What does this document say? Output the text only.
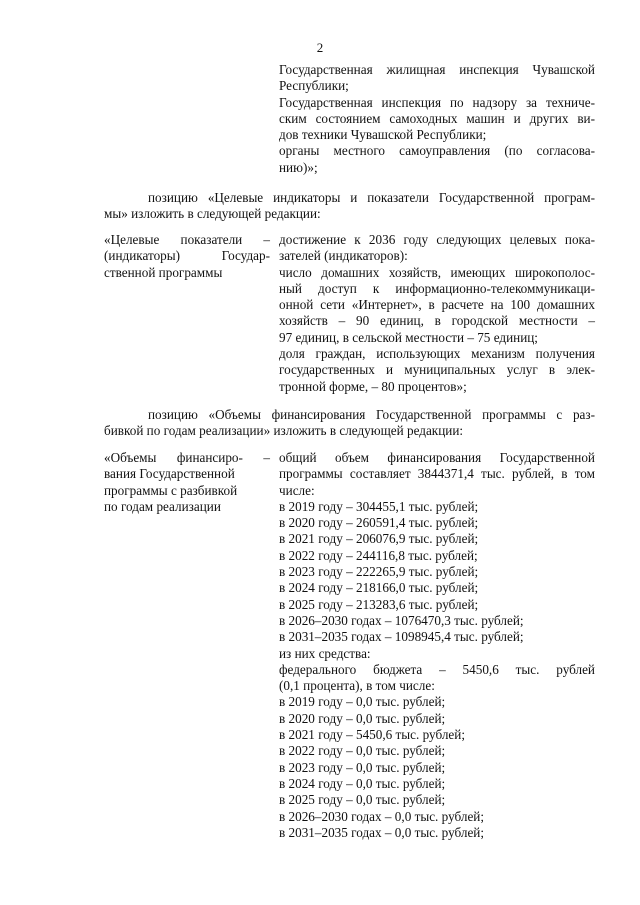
2
Государственная жилищная инспекция Чувашской
Республики;
Государственная инспекция по надзору за техниче-
ским состоянием самоходных машин и других ви-
дов техники Чувашской Республики;
органы местного самоуправления (по согласова-
нию)»;
позицию «Целевые индикаторы и показатели Государственной програм-
мы» изложить в следующей редакции:
«Целевые показатели –
(индикаторы) Государ-
ственной программы
достижение к 2036 году следующих целевых пока-
зателей (индикаторов):
число домашних хозяйств, имеющих широкополос-
ный доступ к информационно-телекоммуникаци-
онной сети «Интернет», в расчете на 100 домашних
хозяйств – 90 единиц, в городской местности –
97 единиц, в сельской местности – 75 единиц;
доля граждан, использующих механизм получения
государственных и муниципальных услуг в элек-
тронной форме, – 80 процентов»;
позицию «Объемы финансирования Государственной программы с раз-
бивкой по годам реализации» изложить в следующей редакции:
«Объемы финансиро- –
вания Государственной
программы с разбивкой
по годам реализации
общий объем финансирования Государственной
программы составляет 3844371,4 тыс. рублей, в том
числе:
в 2019 году – 304455,1 тыс. рублей;
в 2020 году – 260591,4 тыс. рублей;
в 2021 году – 206076,9 тыс. рублей;
в 2022 году – 244116,8 тыс. рублей;
в 2023 году – 222265,9 тыс. рублей;
в 2024 году – 218166,0 тыс. рублей;
в 2025 году – 213283,6 тыс. рублей;
в 2026–2030 годах – 1076470,3 тыс. рублей;
в 2031–2035 годах – 1098945,4 тыс. рублей;
из них средства:
федерального бюджета – 5450,6 тыс. рублей
(0,1 процента), в том числе:
в 2019 году – 0,0 тыс. рублей;
в 2020 году – 0,0 тыс. рублей;
в 2021 году – 5450,6 тыс. рублей;
в 2022 году – 0,0 тыс. рублей;
в 2023 году – 0,0 тыс. рублей;
в 2024 году – 0,0 тыс. рублей;
в 2025 году – 0,0 тыс. рублей;
в 2026–2030 годах – 0,0 тыс. рублей;
в 2031–2035 годах – 0,0 тыс. рублей;
